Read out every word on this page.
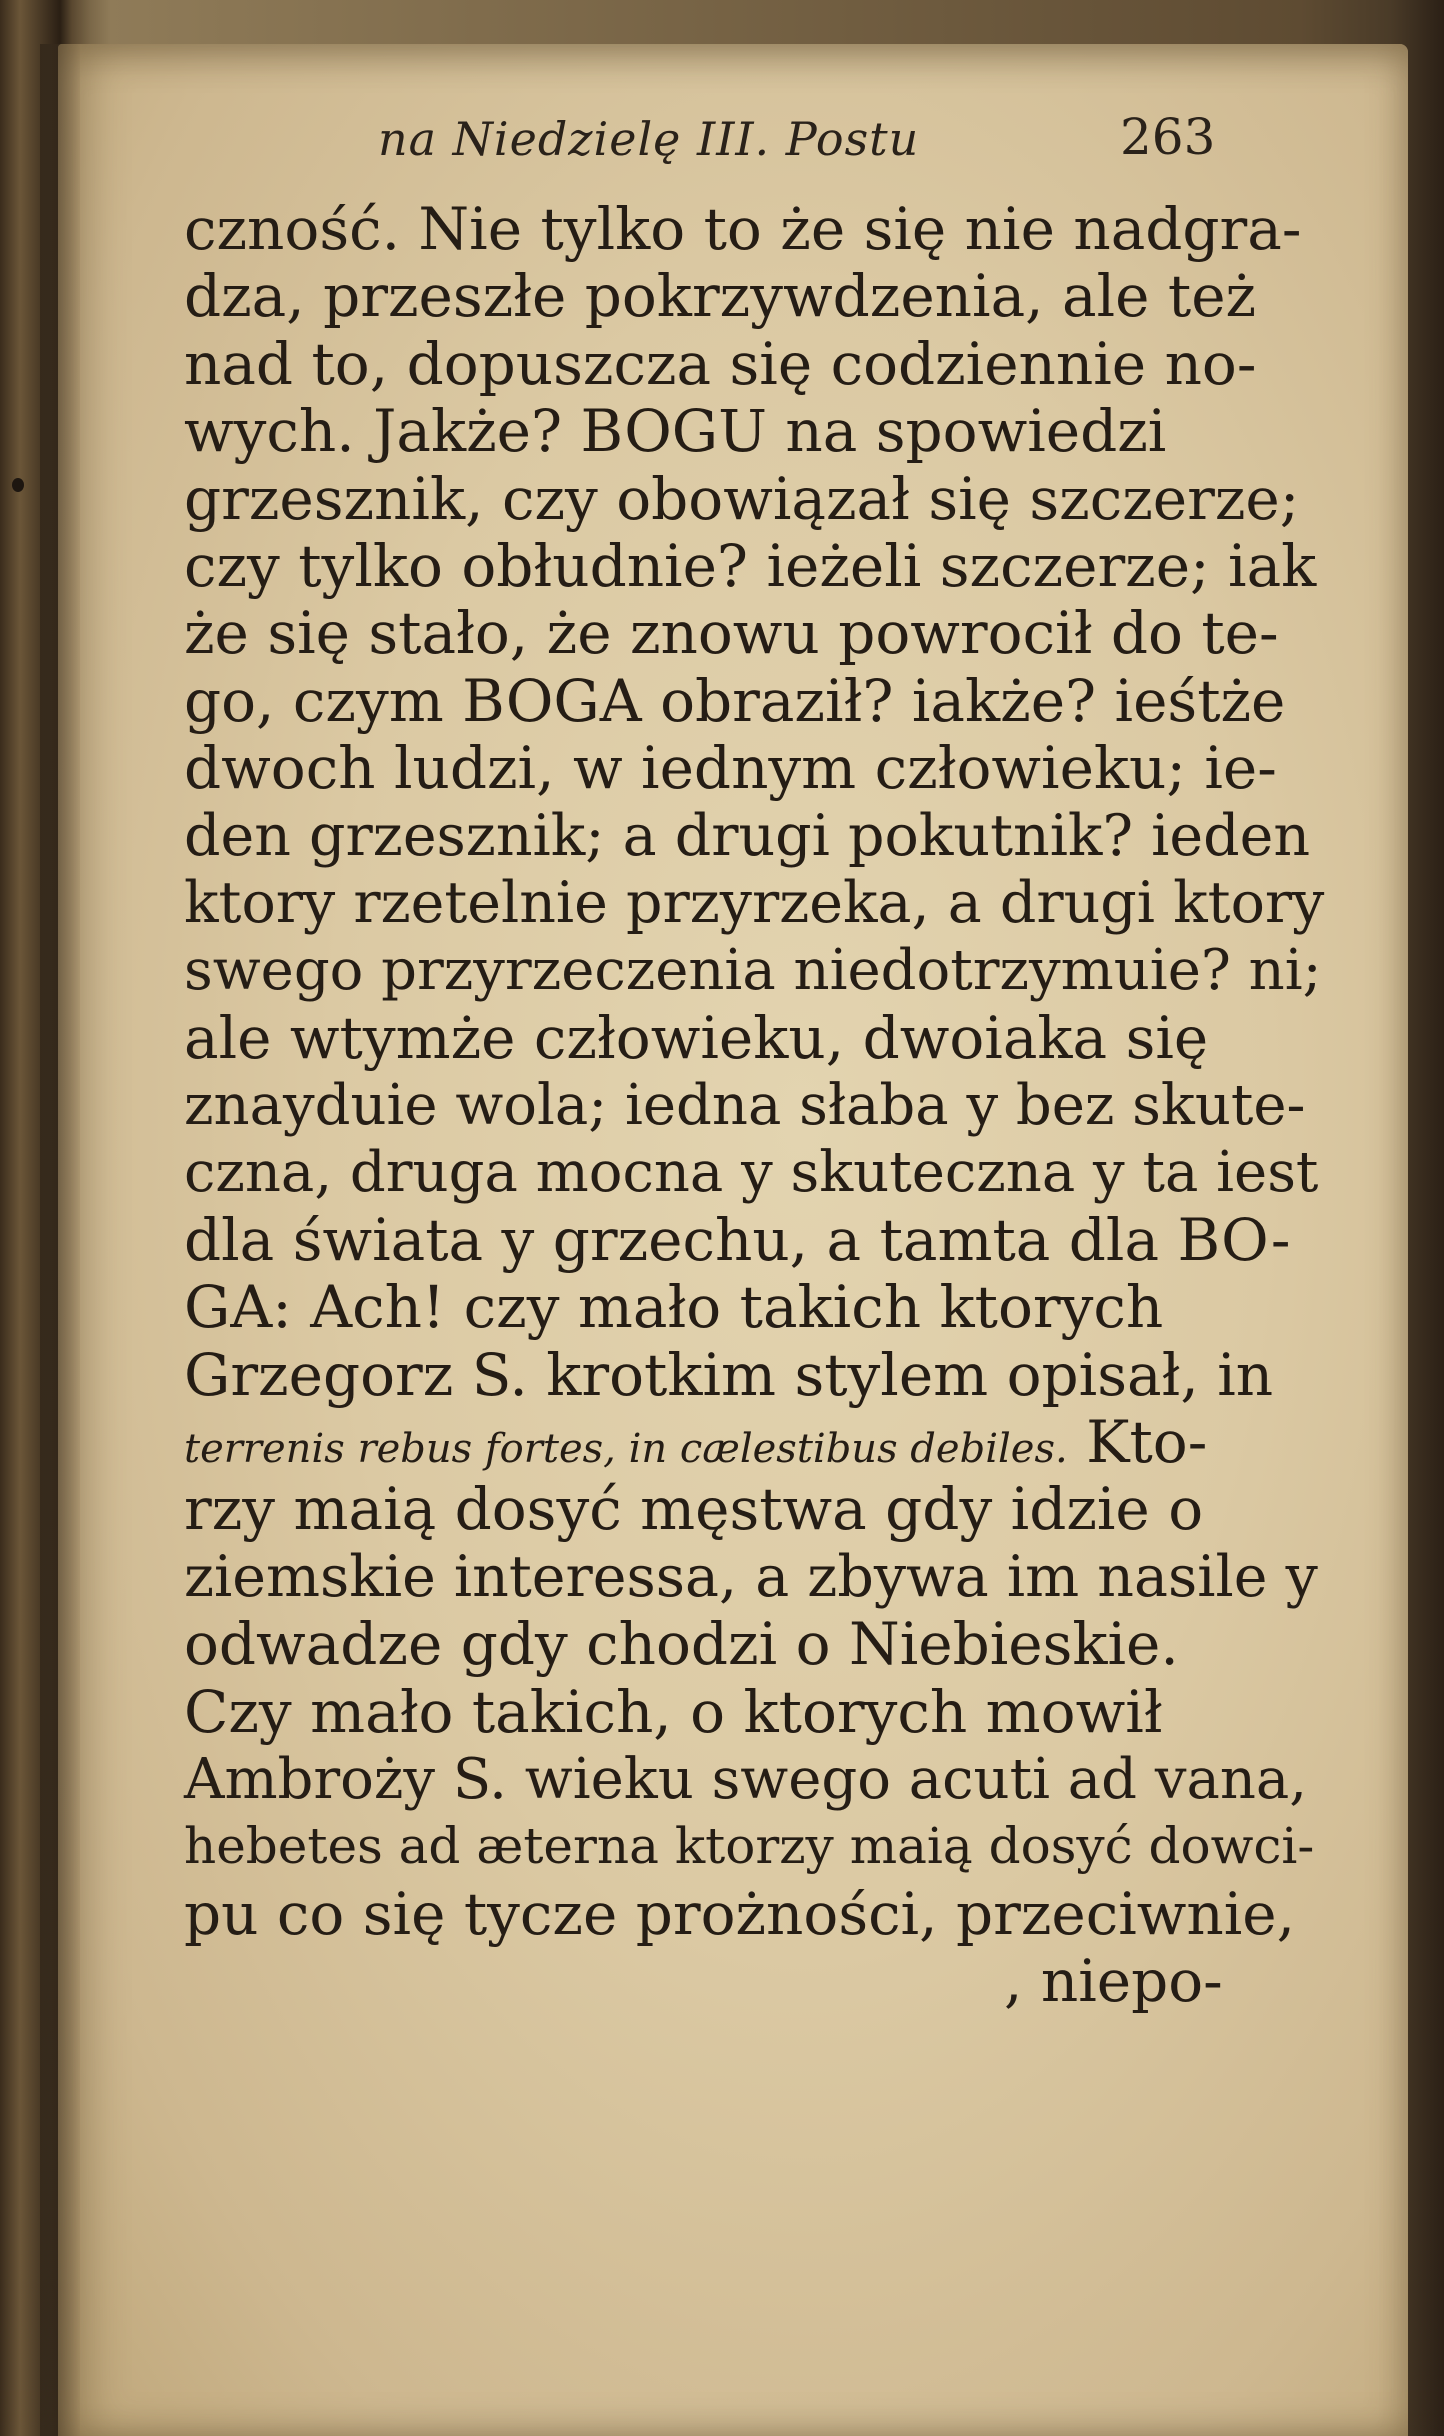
na Niedzielę III. Postu	263
czność. Nie tylko to że się nie nadgra-
dza, przeszłe pokrzywdzenia, ale też
nad to, dopuszcza się codziennie no-
wych. Jakże? BOGU na spowiedzi
grzesznik, czy obowiązał się szczerze;
czy tylko obłudnie? ieżeli szczerze; iak
że się stało, że znowu powrocił do te-
go, czym BOGA obraził? iakże? ieśtże
dwoch ludzi, w iednym człowieku; ie-
den grzesznik; a drugi pokutnik? ieden
ktory rzetelnie przyrzeka, a drugi ktory
swego przyrzeczenia niedotrzymuie? ni;
ale wtymże człowieku, dwoiaka się
znayduie wola; iedna słaba y bez skute-
czna, druga mocna y skuteczna y ta iest
dla świata y grzechu, a tamta dla BO-
GA: Ach! czy mało takich ktorych
Grzegorz S. krotkim stylem opisał, in
terrenis rebus fortes, in cælestibus debiles. Kto-
rzy maią dosyć męstwa gdy idzie o
ziemskie interessa, a zbywa im nasile y
odwadze gdy chodzi o Niebieskie.
Czy mało takich, o ktorych mowił
Ambroży S. wieku swego acuti ad vana,
hebetes ad æterna ktorzy maią dosyć dowci-
pu co się tycze prożności, przeciwnie,
, niepo-
